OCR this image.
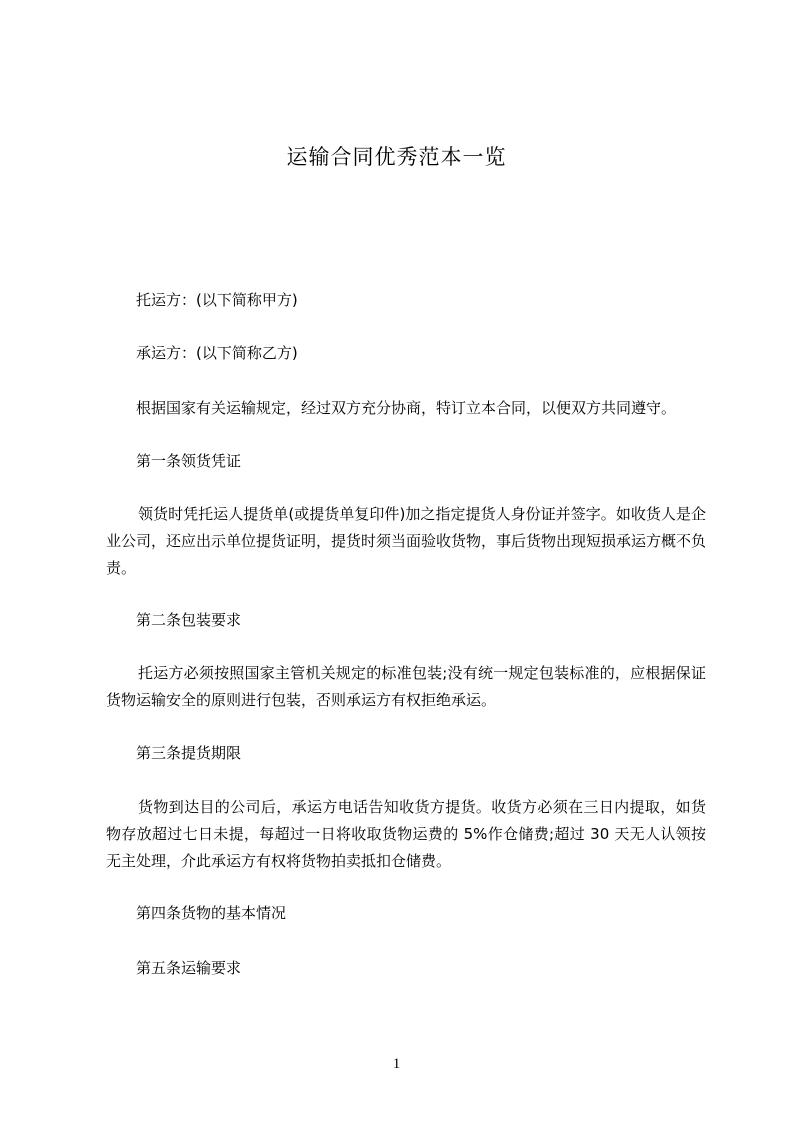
运输合同优秀范本一览
托运方：(以下简称甲方)
承运方：(以下简称乙方)
根据国家有关运输规定，经过双方充分协商，特订立本合同，以便双方共同遵守。
第一条领货凭证
领货时凭托运人提货单(或提货单复印件)加之指定提货人身份证并签字。如收货人是企业公司，还应出示单位提货证明，提货时须当面验收货物，事后货物出现短损承运方概不负责。
第二条包装要求
托运方必须按照国家主管机关规定的标准包装;没有统一规定包装标准的，应根据保证货物运输安全的原则进行包装，否则承运方有权拒绝承运。
第三条提货期限
货物到达目的公司后，承运方电话告知收货方提货。收货方必须在三日内提取，如货物存放超过七日未提，每超过一日将收取货物运费的 5%作仓储费;超过 30 天无人认领按无主处理，介此承运方有权将货物拍卖抵扣仓储费。
第四条货物的基本情况
第五条运输要求
1
